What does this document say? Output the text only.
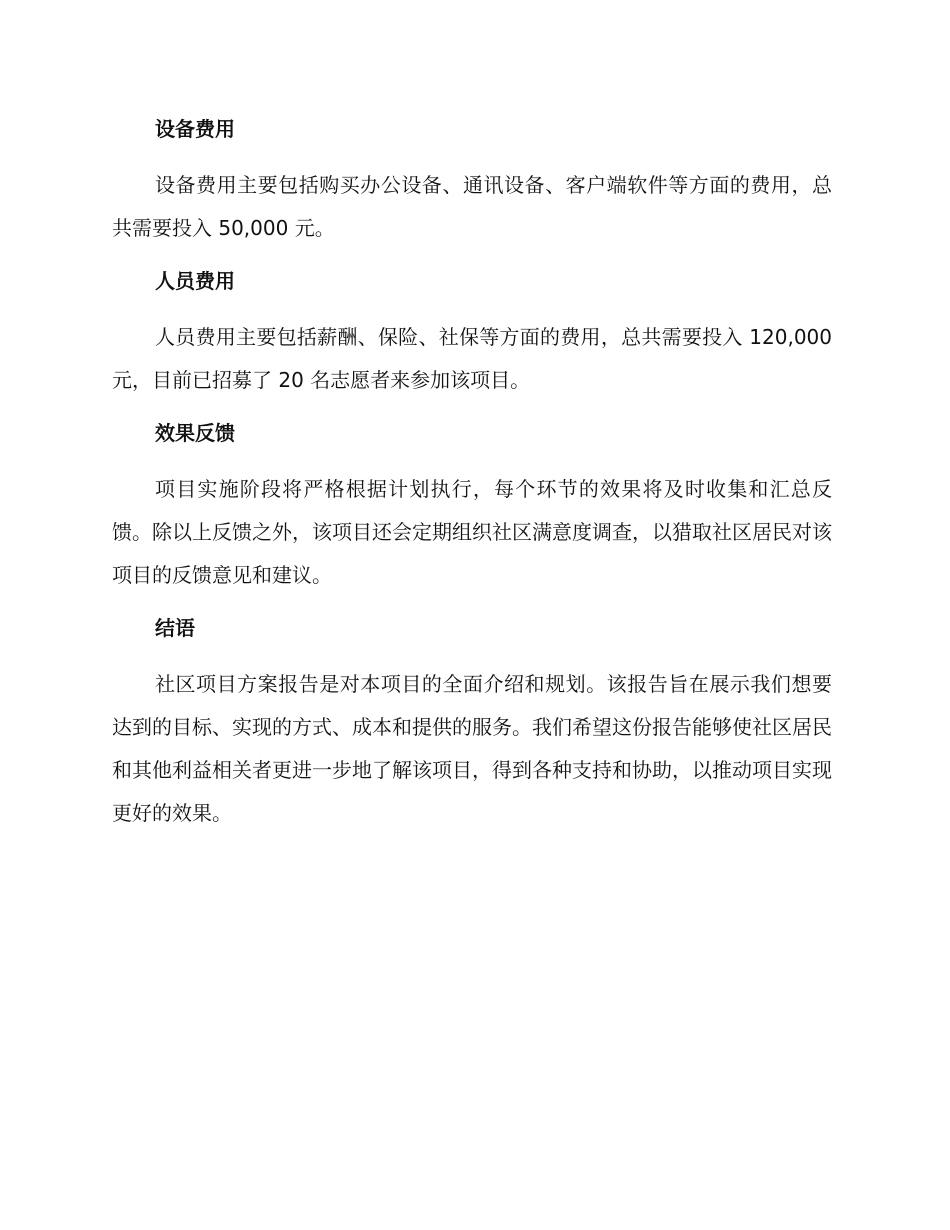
设备费用

设备费用主要包括购买办公设备、通讯设备、客户端软件等方面的费用，总共需要投入 50,000 元。

人员费用

人员费用主要包括薪酬、保险、社保等方面的费用，总共需要投入 120,000 元，目前已招募了 20 名志愿者来参加该项目。

效果反馈

项目实施阶段将严格根据计划执行，每个环节的效果将及时收集和汇总反馈。除以上反馈之外，该项目还会定期组织社区满意度调查，以猎取社区居民对该项目的反馈意见和建议。

结语

社区项目方案报告是对本项目的全面介绍和规划。该报告旨在展示我们想要达到的目标、实现的方式、成本和提供的服务。我们希望这份报告能够使社区居民和其他利益相关者更进一步地了解该项目，得到各种支持和协助，以推动项目实现更好的效果。
